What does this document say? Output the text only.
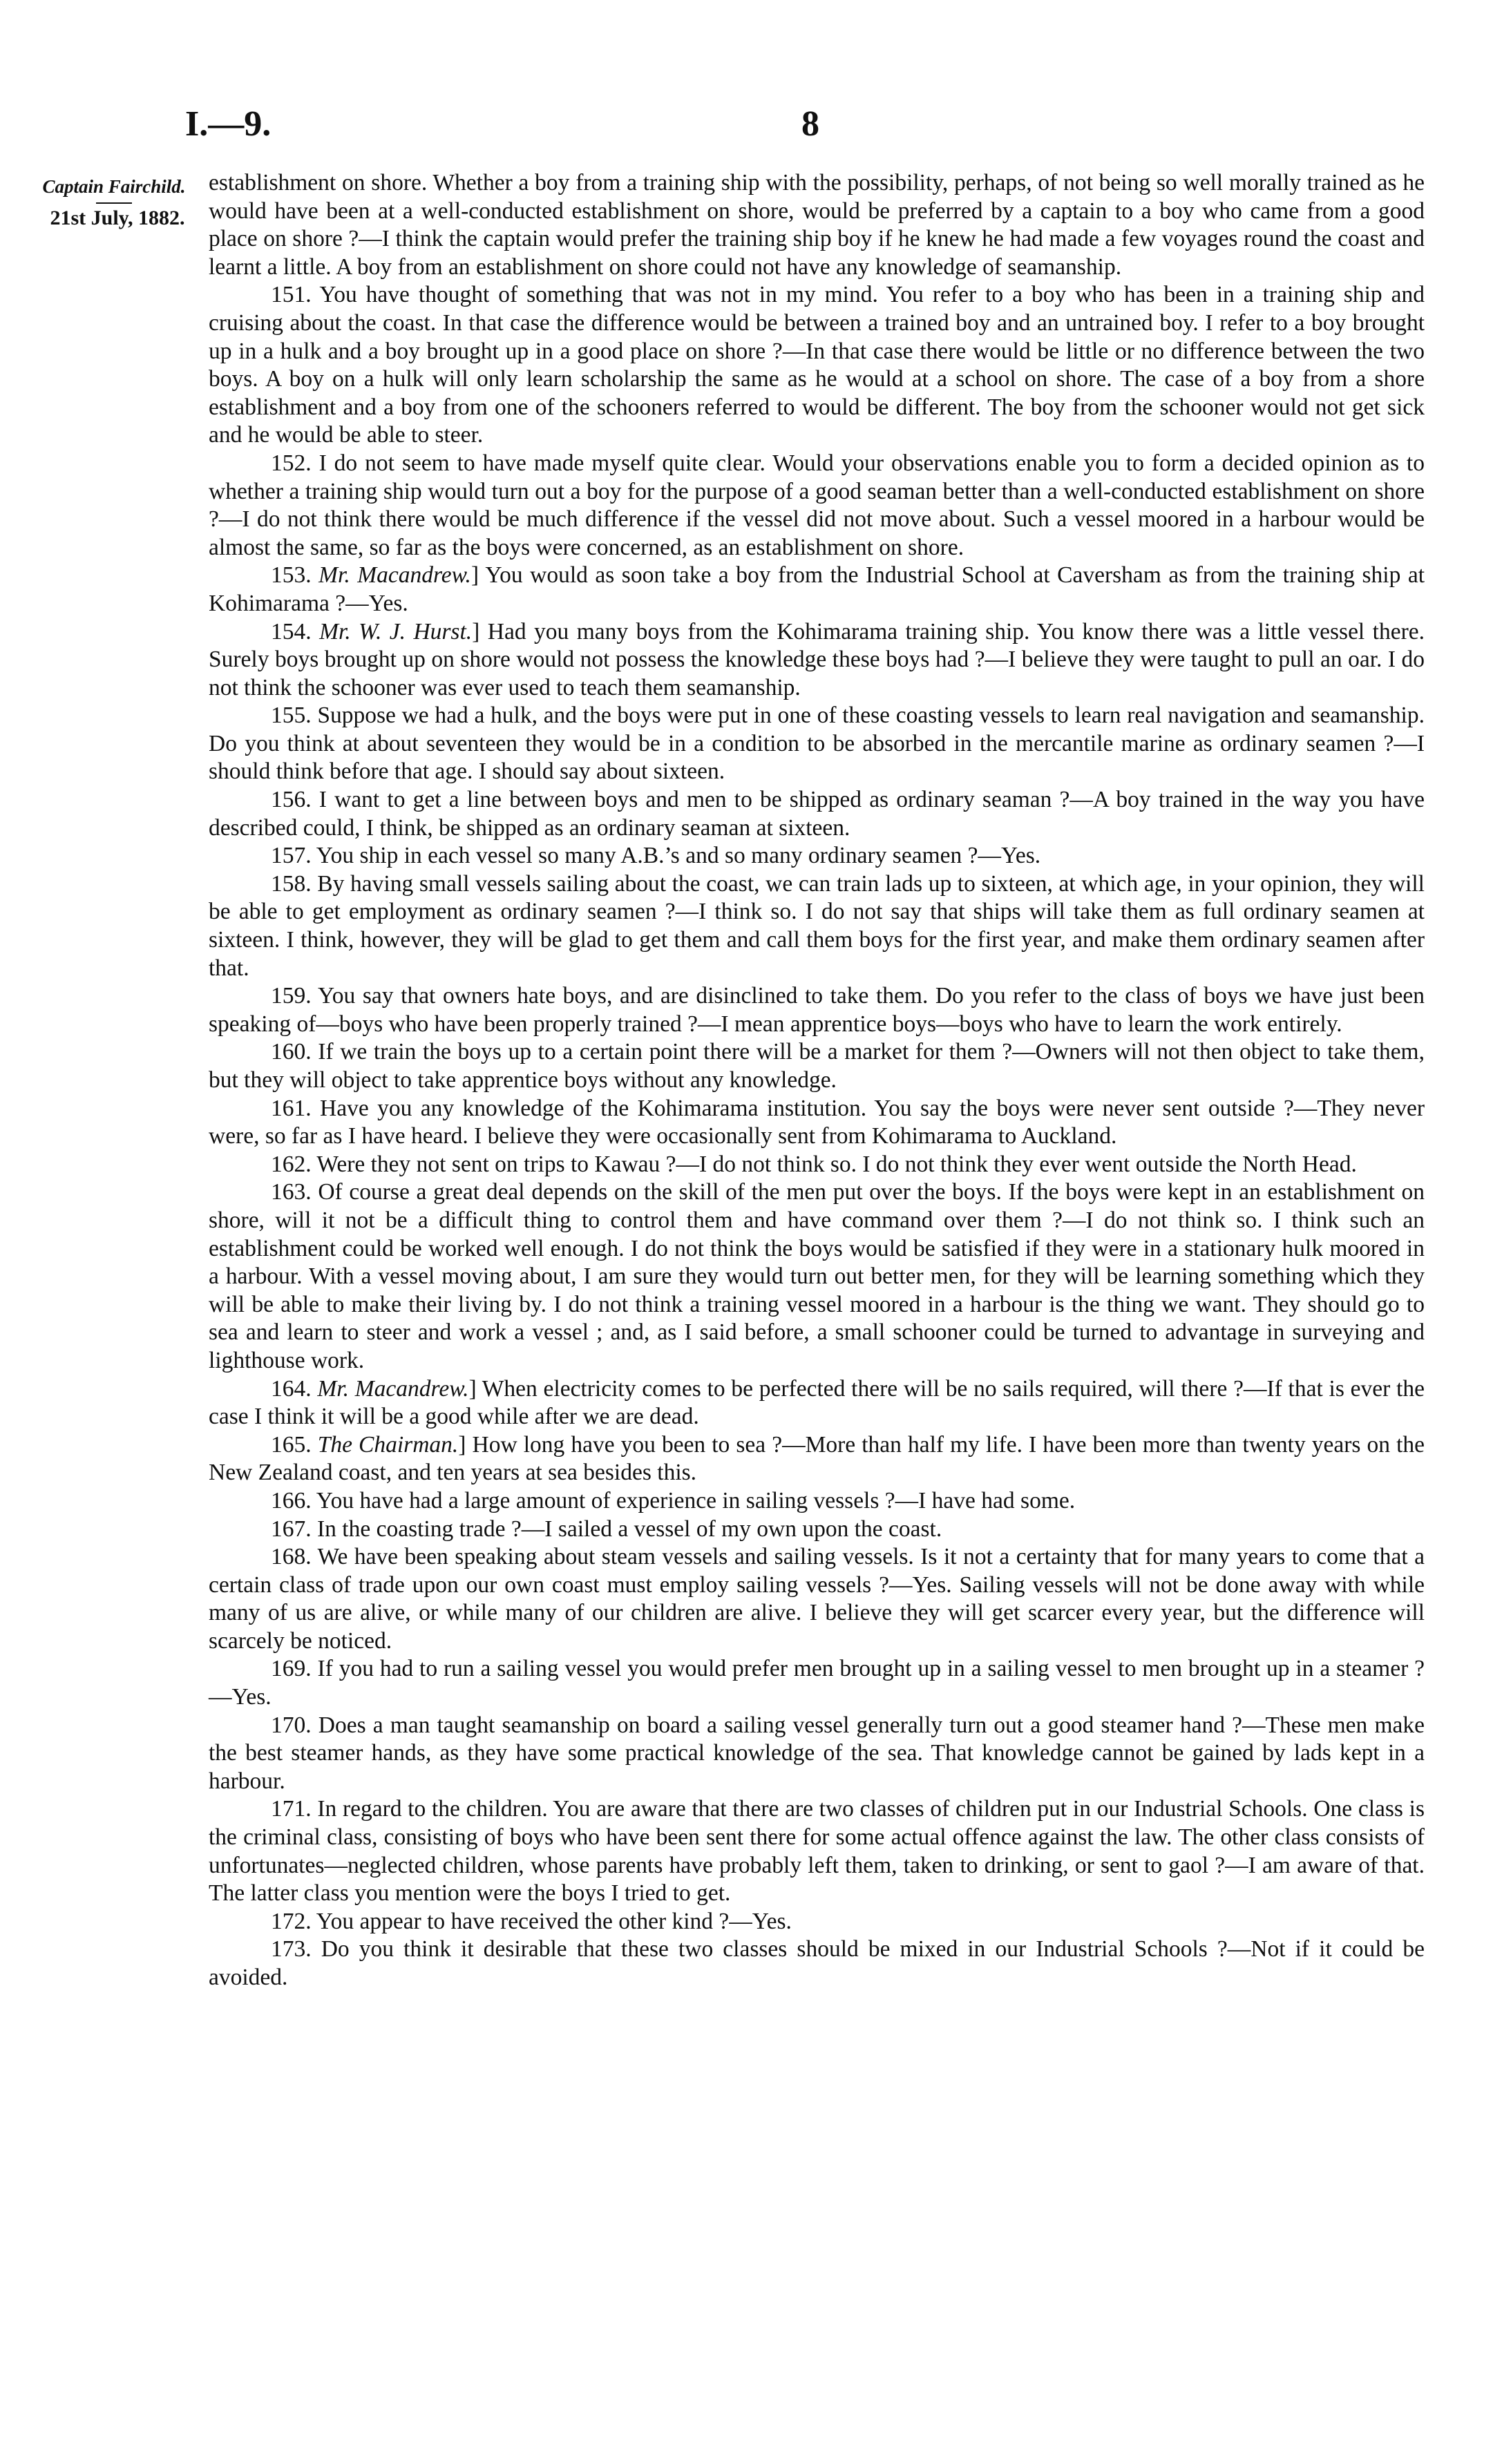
I.—9.	8
Captain Fairchild.
21st July, 1882.

establishment on shore. Whether a boy from a training ship with the possibility, perhaps, of not being so well morally trained as he would have been at a well-conducted establishment on shore, would be preferred by a captain to a boy who came from a good place on shore ?—I think the captain would prefer the training ship boy if he knew he had made a few voyages round the coast and learnt a little. A boy from an establishment on shore could not have any knowledge of seamanship.

151. You have thought of something that was not in my mind. You refer to a boy who has been in a training ship and cruising about the coast. In that case the difference would be between a trained boy and an untrained boy. I refer to a boy brought up in a hulk and a boy brought up in a good place on shore ?—In that case there would be little or no difference between the two boys. A boy on a hulk will only learn scholarship the same as he would at a school on shore. The case of a boy from a shore establishment and a boy from one of the schooners referred to would be different. The boy from the schooner would not get sick and he would be able to steer.

152. I do not seem to have made myself quite clear. Would your observations enable you to form a decided opinion as to whether a training ship would turn out a boy for the purpose of a good seaman better than a well-conducted establishment on shore ?—I do not think there would be much difference if the vessel did not move about. Such a vessel moored in a harbour would be almost the same, so far as the boys were concerned, as an establishment on shore.

153. Mr. Macandrew.] You would as soon take a boy from the Industrial School at Caversham as from the training ship at Kohimarama ?—Yes.

154. Mr. W. J. Hurst.] Had you many boys from the Kohimarama training ship. You know there was a little vessel there. Surely boys brought up on shore would not possess the knowledge these boys had ?—I believe they were taught to pull an oar. I do not think the schooner was ever used to teach them seamanship.

155. Suppose we had a hulk, and the boys were put in one of these coasting vessels to learn real navigation and seamanship. Do you think at about seventeen they would be in a condition to be absorbed in the mercantile marine as ordinary seamen ?—I should think before that age. I should say about sixteen.

156. I want to get a line between boys and men to be shipped as ordinary seaman ?—A boy trained in the way you have described could, I think, be shipped as an ordinary seaman at sixteen.

157. You ship in each vessel so many A.B.’s and so many ordinary seamen ?—Yes.

158. By having small vessels sailing about the coast, we can train lads up to sixteen, at which age, in your opinion, they will be able to get employment as ordinary seamen ?—I think so. I do not say that ships will take them as full ordinary seamen at sixteen. I think, however, they will be glad to get them and call them boys for the first year, and make them ordinary seamen after that.

159. You say that owners hate boys, and are disinclined to take them. Do you refer to the class of boys we have just been speaking of—boys who have been properly trained ?—I mean apprentice boys—boys who have to learn the work entirely.

160. If we train the boys up to a certain point there will be a market for them ?—Owners will not then object to take them, but they will object to take apprentice boys without any knowledge.

161. Have you any knowledge of the Kohimarama institution. You say the boys were never sent outside ?—They never were, so far as I have heard. I believe they were occasionally sent from Kohimarama to Auckland.

162. Were they not sent on trips to Kawau ?—I do not think so. I do not think they ever went outside the North Head.

163. Of course a great deal depends on the skill of the men put over the boys. If the boys were kept in an establishment on shore, will it not be a difficult thing to control them and have command over them ?—I do not think so. I think such an establishment could be worked well enough. I do not think the boys would be satisfied if they were in a stationary hulk moored in a harbour. With a vessel moving about, I am sure they would turn out better men, for they will be learning something which they will be able to make their living by. I do not think a training vessel moored in a harbour is the thing we want. They should go to sea and learn to steer and work a vessel ; and, as I said before, a small schooner could be turned to advantage in surveying and lighthouse work.

164. Mr. Macandrew.] When electricity comes to be perfected there will be no sails required, will there ?—If that is ever the case I think it will be a good while after we are dead.

165. The Chairman.] How long have you been to sea ?—More than half my life. I have been more than twenty years on the New Zealand coast, and ten years at sea besides this.

166. You have had a large amount of experience in sailing vessels ?—I have had some.

167. In the coasting trade ?—I sailed a vessel of my own upon the coast.

168. We have been speaking about steam vessels and sailing vessels. Is it not a certainty that for many years to come that a certain class of trade upon our own coast must employ sailing vessels ?—Yes. Sailing vessels will not be done away with while many of us are alive, or while many of our children are alive. I believe they will get scarcer every year, but the difference will scarcely be noticed.

169. If you had to run a sailing vessel you would prefer men brought up in a sailing vessel to men brought up in a steamer ?—Yes.

170. Does a man taught seamanship on board a sailing vessel generally turn out a good steamer hand ?—These men make the best steamer hands, as they have some practical knowledge of the sea. That knowledge cannot be gained by lads kept in a harbour.

171. In regard to the children. You are aware that there are two classes of children put in our Industrial Schools. One class is the criminal class, consisting of boys who have been sent there for some actual offence against the law. The other class consists of unfortunates—neglected children, whose parents have probably left them, taken to drinking, or sent to gaol ?—I am aware of that. The latter class you mention were the boys I tried to get.

172. You appear to have received the other kind ?—Yes.

173. Do you think it desirable that these two classes should be mixed in our Industrial Schools ?—Not if it could be avoided.
